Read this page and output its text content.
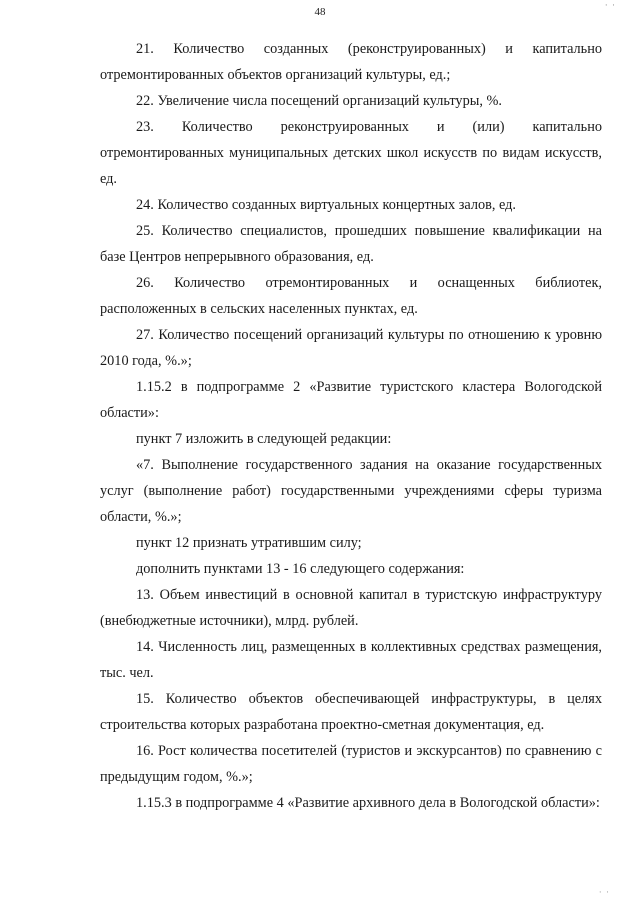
· ·
48

21. Количество созданных (реконструированных) и капитально отремонтированных объектов организаций культуры, ед.;

22. Увеличение числа посещений организаций культуры, %.

23. Количество реконструированных и (или) капитально отремонтированных муниципальных детских школ искусств по видам искусств, ед.

24. Количество созданных виртуальных концертных залов, ед.

25. Количество специалистов, прошедших повышение квалификации на базе Центров непрерывного образования, ед.

26. Количество отремонтированных и оснащенных библиотек, расположенных в сельских населенных пунктах, ед.

27. Количество посещений организаций культуры по отношению к уровню 2010 года, %.»;

1.15.2 в подпрограмме 2 «Развитие туристского кластера Вологодской области»:

пункт 7 изложить в следующей редакции:

«7. Выполнение государственного задания на оказание государственных услуг (выполнение работ) государственными учреждениями сферы туризма области, %.»;

пункт 12 признать утратившим силу;

дополнить пунктами 13 - 16 следующего содержания:

13. Объем инвестиций в основной капитал в туристскую инфраструктуру (внебюджетные источники), млрд. рублей.

14. Численность лиц, размещенных в коллективных средствах размещения, тыс. чел.

15. Количество объектов обеспечивающей инфраструктуры, в целях строительства которых разработана проектно-сметная документация, ед.

16. Рост количества посетителей (туристов и экскурсантов) по сравнению с предыдущим годом, %.»;

1.15.3 в подпрограмме 4 «Развитие архивного дела в Вологодской области»:

· ·
